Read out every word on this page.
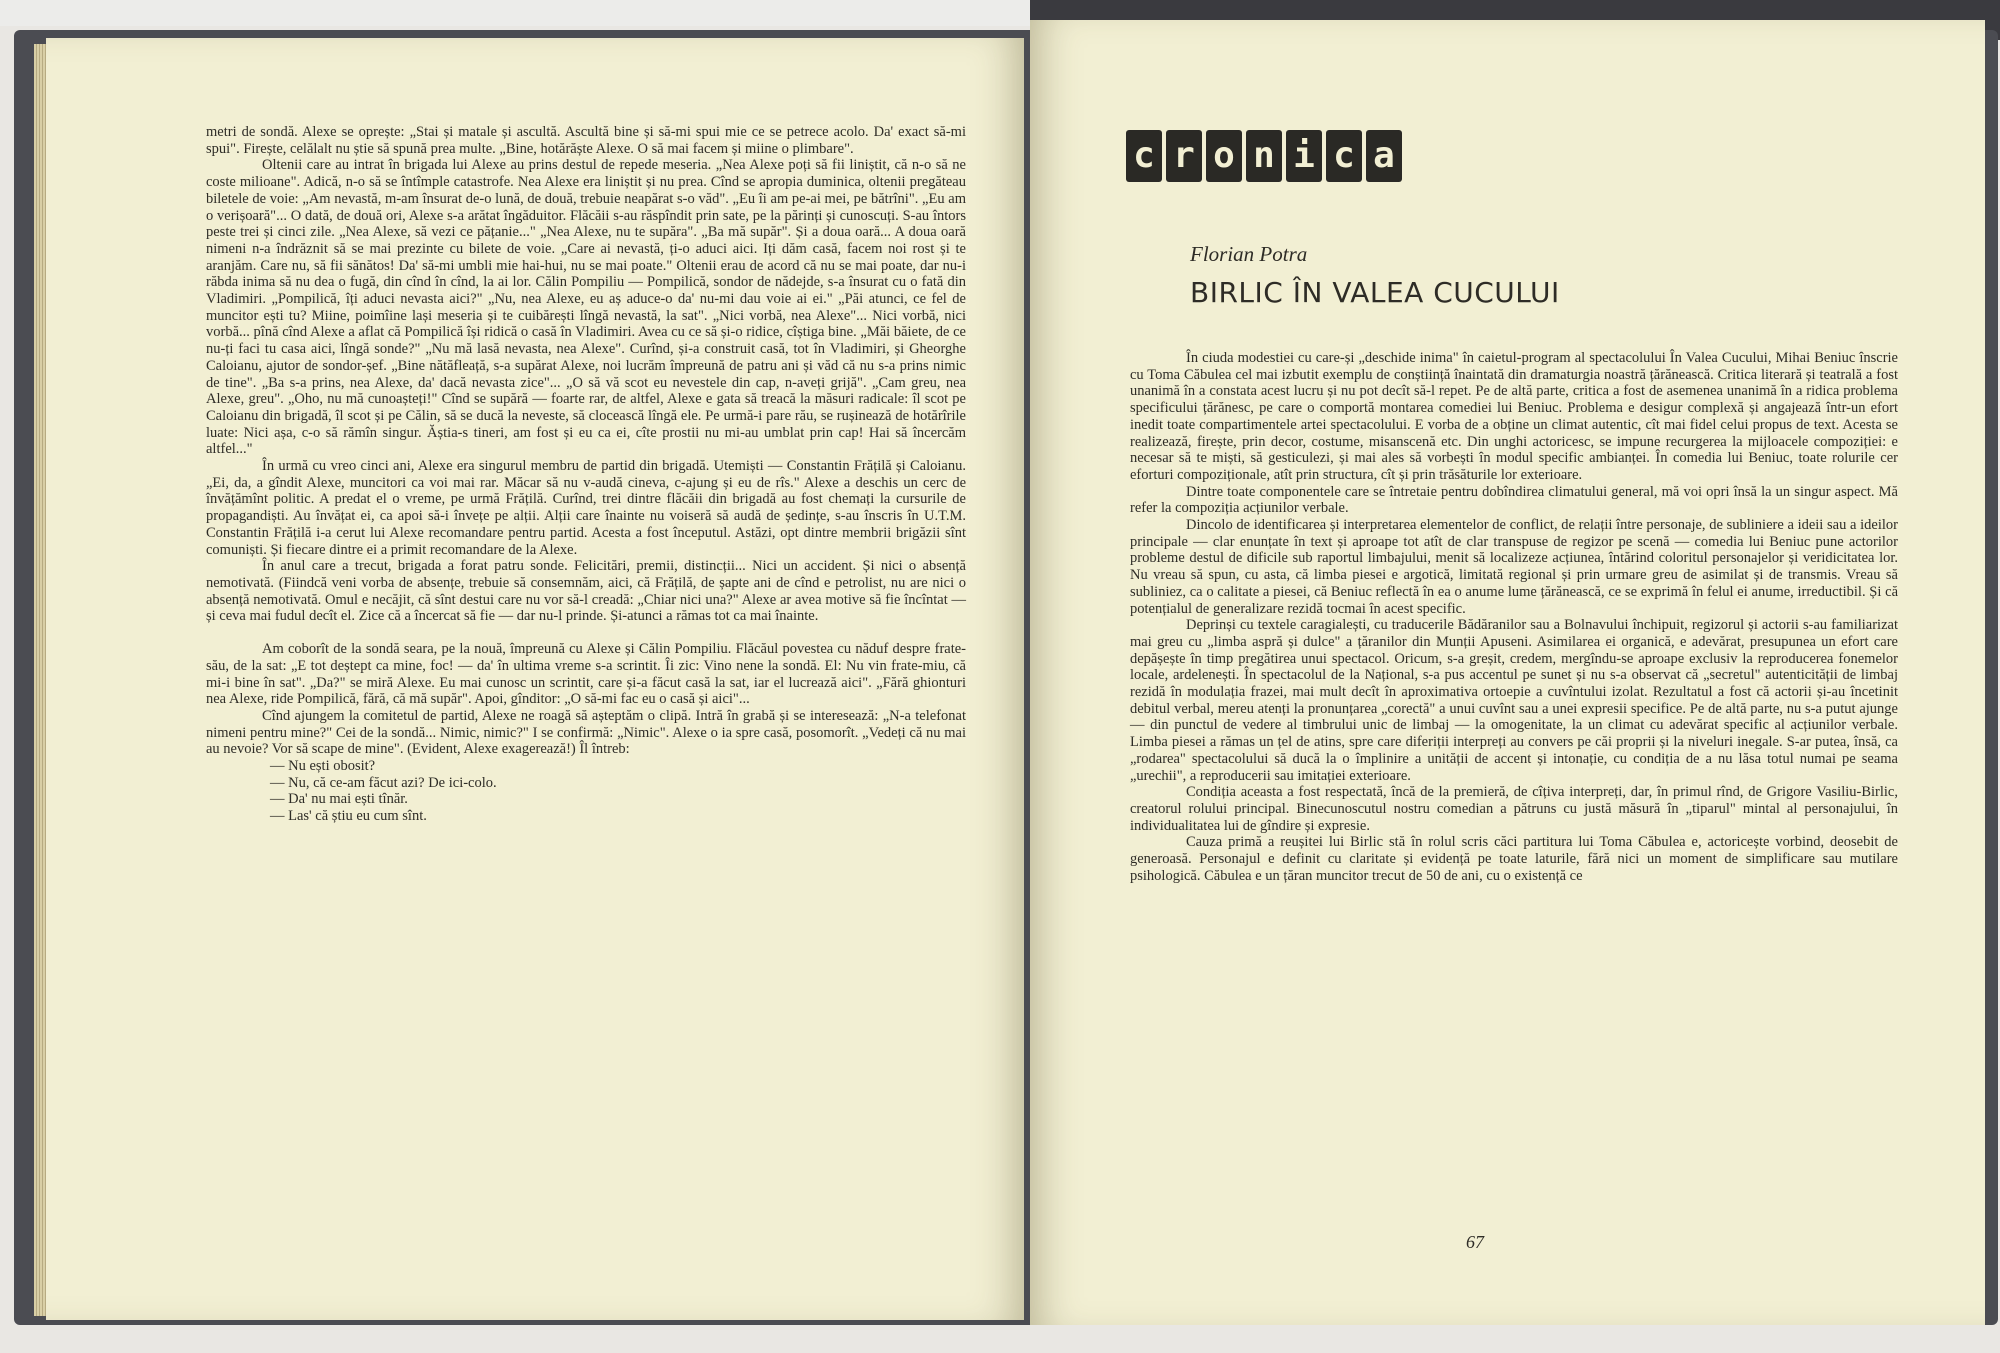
metri de sondă. Alexe se oprește: „Stai și matale și ascultă. Ascultă bine și să-mi spui mie ce se petrece acolo. Da' exact să-mi spui". Firește, celălalt nu știe să spună prea multe. „Bine, hotărăște Alexe. O să mai facem și miine o plimbare".

Oltenii care au intrat în brigada lui Alexe au prins destul de repede meseria. „Nea Alexe poți să fii liniștit, că n-o să ne coste milioane". Adică, n-o să se întîmple catastrofe. Nea Alexe era liniștit și nu prea. Cînd se apropia duminica, oltenii pregăteau biletele de voie: „Am nevastă, m-am însurat de-o lună, de două, trebuie neapărat s-o văd". „Eu îi am pe-ai mei, pe bătrîni". „Eu am o verișoară"... O dată, de două ori, Alexe s-a arătat îngăduitor. Flăcăii s-au răspîndit prin sate, pe la părinți și cunoscuți. S-au întors peste trei și cinci zile. „Nea Alexe, să vezi ce pățanie..." „Nea Alexe, nu te supăra". „Ba mă supăr". Și a doua oară... A doua oară nimeni n-a îndrăznit să se mai prezinte cu bilete de voie. „Care ai nevastă, ți-o aduci aici. Iți dăm casă, facem noi rost și te aranjăm. Care nu, să fii sănătos! Da' să-mi umbli mie hai-hui, nu se mai poate." Oltenii erau de acord că nu se mai poate, dar nu-i răbda inima să nu dea o fugă, din cînd în cînd, la ai lor. Călin Pompiliu — Pompilică, sondor de nădejde, s-a însurat cu o fată din Vladimiri. „Pompilică, îți aduci nevasta aici?" „Nu, nea Alexe, eu aș aduce-o da' nu-mi dau voie ai ei." „Păi atunci, ce fel de muncitor ești tu? Miine, poimîine lași meseria și te cuibărești lîngă nevastă, la sat". „Nici vorbă, nea Alexe"... Nici vorbă, nici vorbă... pînă cînd Alexe a aflat că Pompilică își ridică o casă în Vladimiri. Avea cu ce să și-o ridice, cîștiga bine. „Măi băiete, de ce nu-ți faci tu casa aici, lîngă sonde?" „Nu mă lasă nevasta, nea Alexe". Curînd, și-a construit casă, tot în Vladimiri, și Gheorghe Caloianu, ajutor de sondor-șef. „Bine nătăfleață, s-a supărat Alexe, noi lucrăm împreună de patru ani și văd că nu s-a prins nimic de tine". „Ba s-a prins, nea Alexe, da' dacă nevasta zice"... „O să vă scot eu nevestele din cap, n-aveți grijă". „Cam greu, nea Alexe, greu". „Oho, nu mă cunoașteți!" Cînd se supără — foarte rar, de altfel, Alexe e gata să treacă la măsuri radicale: îl scot pe Caloianu din brigadă, îl scot și pe Călin, să se ducă la neveste, să clocească lîngă ele. Pe urmă-i pare rău, se rușinează de hotărîrile luate: Nici așa, c-o să rămîn singur. Ăștia-s tineri, am fost și eu ca ei, cîte prostii nu mi-au umblat prin cap! Hai să încercăm altfel..."

În urmă cu vreo cinci ani, Alexe era singurul membru de partid din brigadă. Utemiști — Constantin Frățilă și Caloianu. „Ei, da, a gîndit Alexe, muncitori ca voi mai rar. Măcar să nu v-audă cineva, c-ajung și eu de rîs." Alexe a deschis un cerc de învățămînt politic. A predat el o vreme, pe urmă Frățilă. Curînd, trei dintre flăcăii din brigadă au fost chemați la cursurile de propagandiști. Au învățat ei, ca apoi să-i învețe pe alții. Alții care înainte nu voiseră să audă de ședințe, s-au înscris în U.T.M. Constantin Frățilă i-a cerut lui Alexe recomandare pentru partid. Acesta a fost începutul. Astăzi, opt dintre membrii brigăzii sînt comuniști. Și fiecare dintre ei a primit recomandare de la Alexe.

În anul care a trecut, brigada a forat patru sonde. Felicitări, premii, distincții... Nici un accident. Și nici o absență nemotivată. (Fiindcă veni vorba de absențe, trebuie să consemnăm, aici, că Frățilă, de șapte ani de cînd e petrolist, nu are nici o absență nemotivată. Omul e necăjit, că sînt destui care nu vor să-l creadă: „Chiar nici una?" Alexe ar avea motive să fie încîntat — și ceva mai fudul decît el. Zice că a încercat să fie — dar nu-l prinde. Și-atunci a rămas tot ca mai înainte.

Am coborît de la sondă seara, pe la nouă, împreună cu Alexe și Călin Pompiliu. Flăcăul povestea cu năduf despre frate-său, de la sat: „E tot deștept ca mine, foc! — da' în ultima vreme s-a scrintit. Îi zic: Vino nene la sondă. El: Nu vin frate-miu, că mi-i bine în sat". „Da?" se miră Alexe. Eu mai cunosc un scrintit, care și-a făcut casă la sat, iar el lucrează aici". „Fără ghionturi nea Alexe, ride Pompilică, fără, că mă supăr". Apoi, gînditor: „O să-mi fac eu o casă și aici"...

Cînd ajungem la comitetul de partid, Alexe ne roagă să așteptăm o clipă. Intră în grabă și se interesează: „N-a telefonat nimeni pentru mine?" Cei de la sondă... Nimic, nimic?" I se confirmă: „Nimic". Alexe o ia spre casă, posomorît. „Vedeți că nu mai au nevoie? Vor să scape de mine". (Evident, Alexe exagerează!) Îl întreb:

— Nu ești obosit?

— Nu, că ce-am făcut azi? De ici-colo.

— Da' nu mai ești tînăr.

— Las' că știu eu cum sînt.

c r o n i c a
Florian Potra
BIRLIC ÎN VALEA CUCULUI

În ciuda modestiei cu care-și „deschide inima" în caietul-program al spectacolului În Valea Cucului, Mihai Beniuc înscrie cu Toma Căbulea cel mai izbutit exemplu de conștiință înaintată din dramaturgia noastră țărănească. Critica literară și teatrală a fost unanimă în a constata acest lucru și nu pot decît să-l repet. Pe de altă parte, critica a fost de asemenea unanimă în a ridica problema specificului țărănesc, pe care o comportă montarea comediei lui Beniuc. Problema e desigur complexă și angajează într-un efort inedit toate compartimentele artei spectacolului. E vorba de a obține un climat autentic, cît mai fidel celui propus de text. Acesta se realizează, firește, prin decor, costume, misanscenă etc. Din unghi actoricesc, se impune recurgerea la mijloacele compoziției: e necesar să te miști, să gesticulezi, și mai ales să vorbești în modul specific ambianței. În comedia lui Beniuc, toate rolurile cer eforturi compoziționale, atît prin structura, cît și prin trăsăturile lor exterioare.

Dintre toate componentele care se întretaie pentru dobîndirea climatului general, mă voi opri însă la un singur aspect. Mă refer la compoziția acțiunilor verbale.

Dincolo de identificarea și interpretarea elementelor de conflict, de relații între personaje, de subliniere a ideii sau a ideilor principale — clar enunțate în text și aproape tot atît de clar transpuse de regizor pe scenă — comedia lui Beniuc pune actorilor probleme destul de dificile sub raportul limbajului, menit să localizeze acțiunea, întărind coloritul personajelor și veridicitatea lor. Nu vreau să spun, cu asta, că limba piesei e argotică, limitată regional și prin urmare greu de asimilat și de transmis. Vreau să subliniez, ca o calitate a piesei, că Beniuc reflectă în ea o anume lume țărănească, ce se exprimă în felul ei anume, irreductibil. Și că potențialul de generalizare rezidă tocmai în acest specific.

Deprinși cu textele caragialești, cu traducerile Bădăranilor sau a Bolnavului închipuit, regizorul și actorii s-au familiarizat mai greu cu „limba aspră și dulce" a țăranilor din Munții Apuseni. Asimilarea ei organică, e adevărat, presupunea un efort care depășește în timp pregătirea unui spectacol. Oricum, s-a greșit, credem, mergîndu-se aproape exclusiv la reproducerea fonemelor locale, ardelenești. În spectacolul de la Național, s-a pus accentul pe sunet și nu s-a observat că „secretul" autenticității de limbaj rezidă în modulația frazei, mai mult decît în aproximativa ortoepie a cuvîntului izolat. Rezultatul a fost că actorii și-au încetinit debitul verbal, mereu atenți la pronunțarea „corectă" a unui cuvînt sau a unei expresii specifice. Pe de altă parte, nu s-a putut ajunge — din punctul de vedere al timbrului unic de limbaj — la omogenitate, la un climat cu adevărat specific al acțiunilor verbale. Limba piesei a rămas un țel de atins, spre care diferiții interpreți au convers pe căi proprii și la niveluri inegale. S-ar putea, însă, ca „rodarea" spectacolului să ducă la o împlinire a unității de accent și intonație, cu condiția de a nu lăsa totul numai pe seama „urechii", a reproducerii sau imitației exterioare.

Condiția aceasta a fost respectată, încă de la premieră, de cîțiva interpreți, dar, în primul rînd, de Grigore Vasiliu-Birlic, creatorul rolului principal. Binecunoscutul nostru comedian a pătruns cu justă măsură în „tiparul" mintal al personajului, în individualitatea lui de gîndire și expresie.

Cauza primă a reușitei lui Birlic stă în rolul scris căci partitura lui Toma Căbulea e, actoricește vorbind, deosebit de generoasă. Personajul e definit cu claritate și evidență pe toate laturile, fără nici un moment de simplificare sau mutilare psihologică. Căbulea e un țăran muncitor trecut de 50 de ani, cu o existență ce

67
